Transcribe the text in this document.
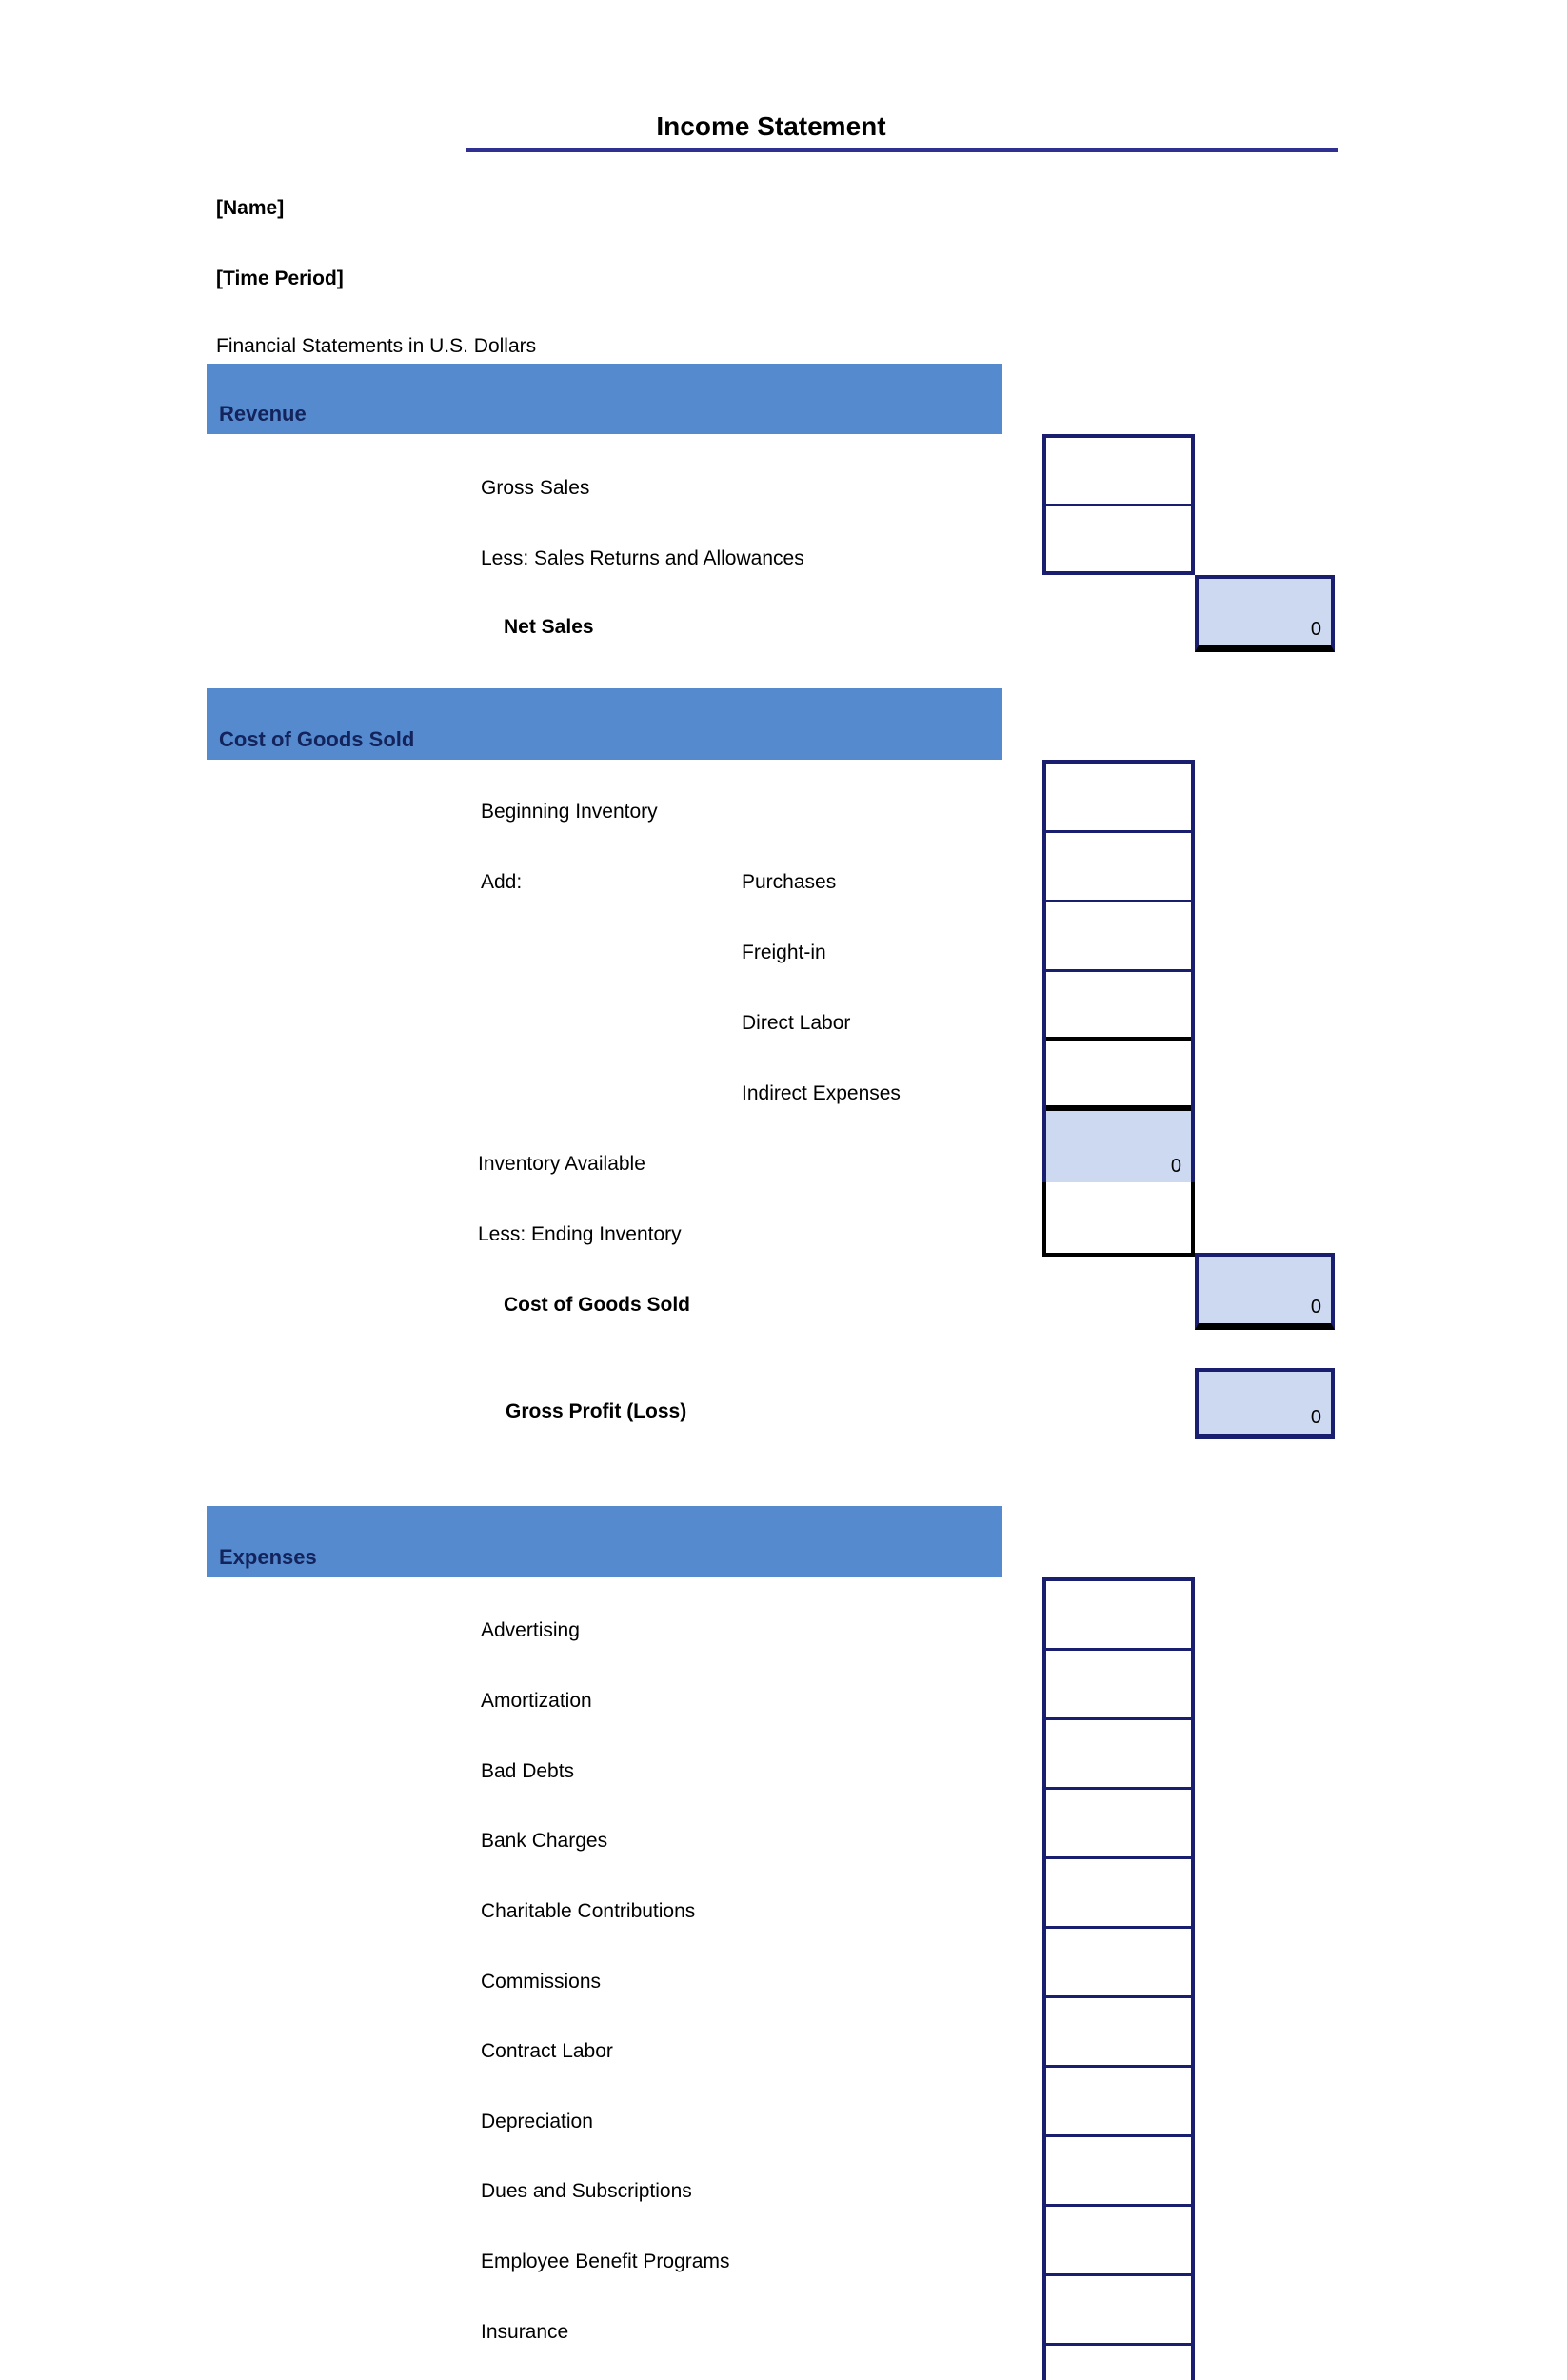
Income Statement
[Name]
[Time Period]
Financial Statements in U.S. Dollars
Revenue
Gross Sales
Less: Sales Returns and Allowances
Net Sales	0
Cost of Goods Sold
Beginning Inventory
Add:	Purchases
Freight-in
Direct Labor
Indirect Expenses
Inventory Available
Less: Ending Inventory
Cost of Goods Sold
Gross Profit (Loss)
0
0
0
Expenses
Advertising
Amortization
Bad Debts
Bank Charges
Charitable Contributions
Commissions
Contract Labor
Depreciation
Dues and Subscriptions
Employee Benefit Programs
Insurance
